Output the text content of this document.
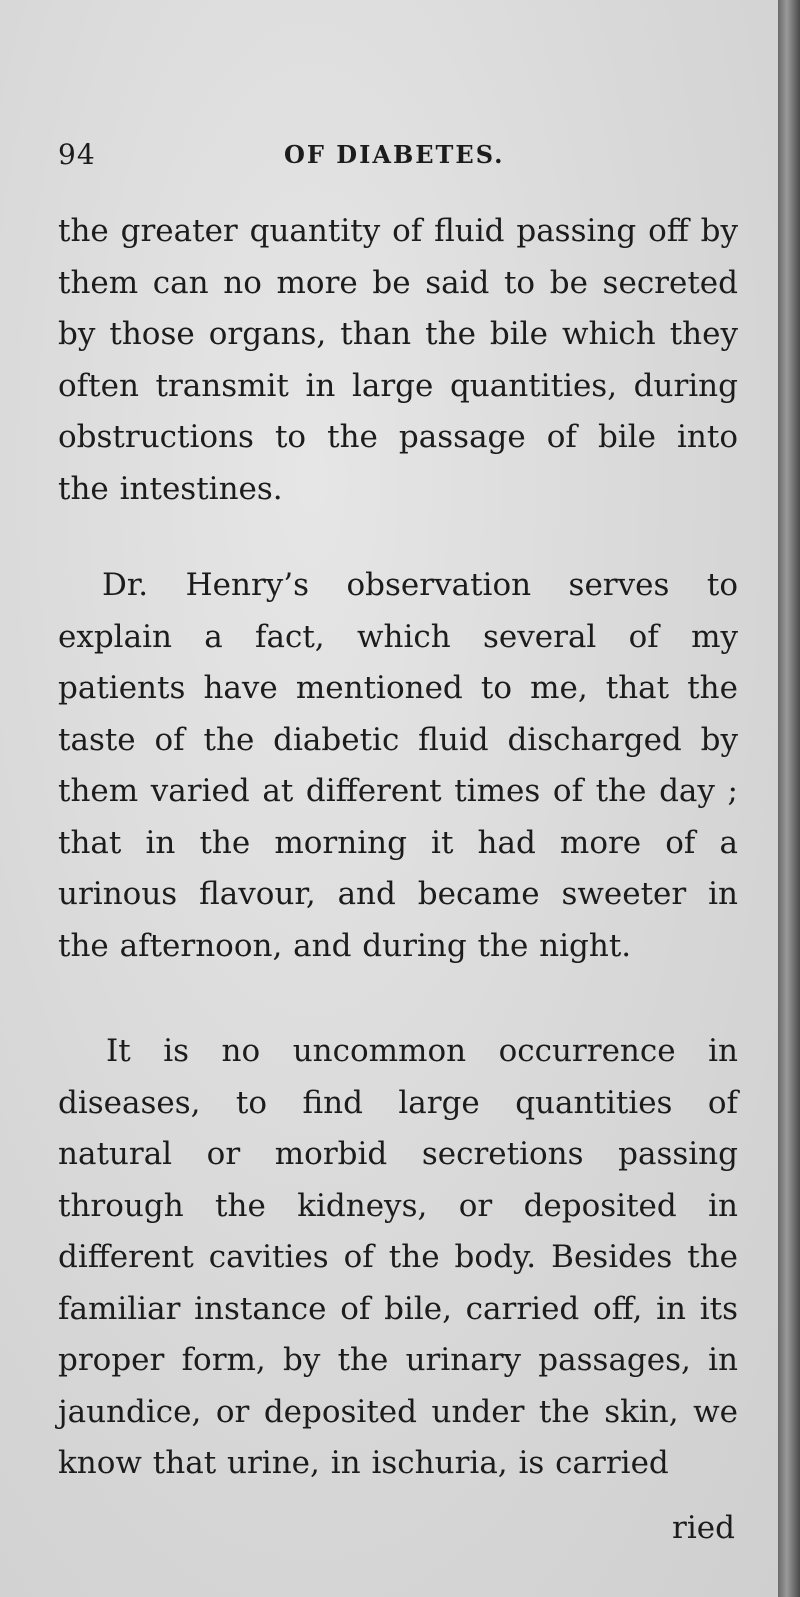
94	OF DIABETES.

the greater quantity of fluid passing off by them can no more be said to be secreted by those organs, than the bile which they often transmit in large quantities, during obstructions to the passage of bile into the intestines.

Dr. Henry’s observation serves to explain a fact, which several of my patients have mentioned to me, that the taste of the diabetic fluid discharged by them varied at different times of the day ; that in the morning it had more of a urinous flavour, and became sweeter in the afternoon, and during the night.

It is no uncommon occurrence in diseases, to find large quantities of natural or morbid secretions passing through the kidneys, or deposited in different cavities of the body. Besides the familiar instance of bile, carried off, in its proper form, by the urinary passages, in jaundice, or deposited under the skin, we know that urine, in ischuria, is carried

ried
